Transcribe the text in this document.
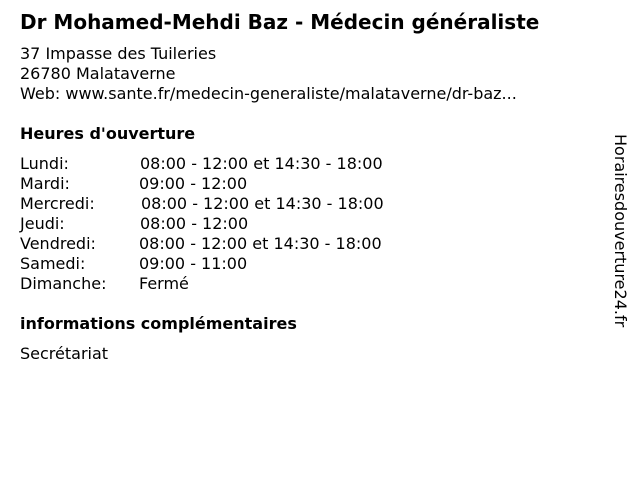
Dr Mohamed-Mehdi Baz - Médecin généraliste
37 Impasse des Tuileries
26780 Malataverne
Web: www.sante.fr/medecin-generaliste/malataverne/dr-baz...
Heures d'ouverture
Lundi:	08:00 - 12:00 et 14:30 - 18:00
Mardi:	09:00 - 12:00
Mercredi:	08:00 - 12:00 et 14:30 - 18:00
Jeudi:	08:00 - 12:00
Vendredi:	08:00 - 12:00 et 14:30 - 18:00
Samedi:	09:00 - 11:00
Dimanche: Fermé
informations complémentaires
Secrétariat
Horairesdouverture24.fr
